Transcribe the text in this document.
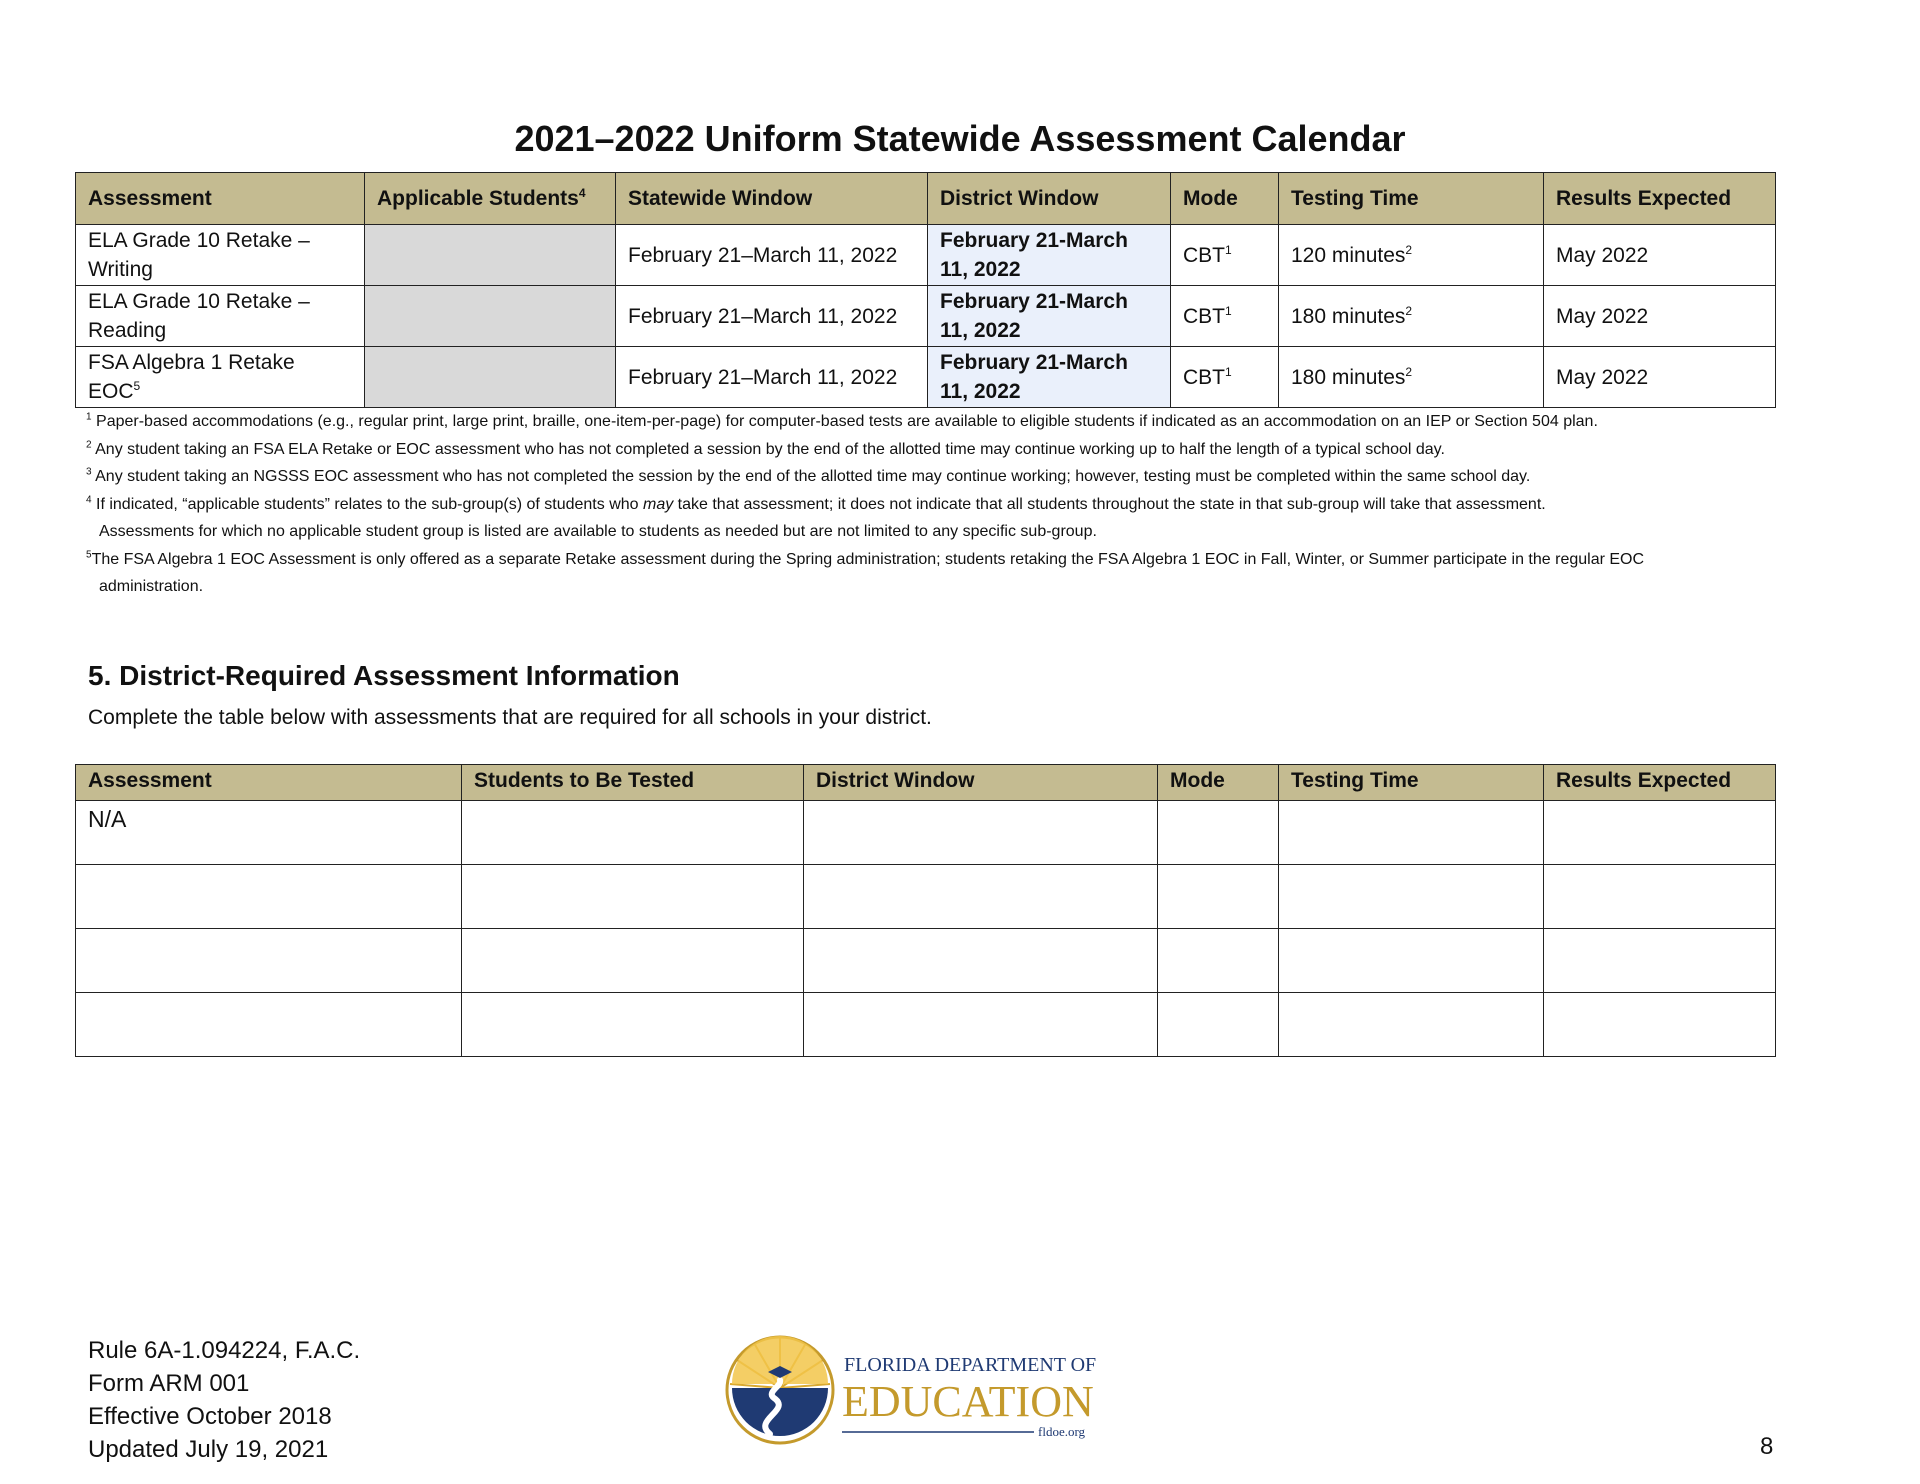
2021–2022 Uniform Statewide Assessment Calendar
Assessment	Applicable Students$^4$	Statewide Window	District Window	Mode	Testing Time	Results Expected
ELA Grade 10 Retake – Writing		February 21–March 11, 2022	February 21-March 11, 2022	CBT$^1$	120 minutes$^2$	May 2022
ELA Grade 10 Retake – Reading		February 21–March 11, 2022	February 21-March 11, 2022	CBT$^1$	180 minutes$^2$	May 2022
FSA Algebra 1 Retake EOC$^5$		February 21–March 11, 2022	February 21-March 11, 2022	CBT$^1$	180 minutes$^2$	May 2022

$^1$ Paper-based accommodations (e.g., regular print, large print, braille, one-item-per-page) for computer-based tests are available to eligible students if indicated as an accommodation on an IEP or Section 504 plan.

$^2$ Any student taking an FSA ELA Retake or EOC assessment who has not completed a session by the end of the allotted time may continue working up to half the length of a typical school day.

$^3$ Any student taking an NGSSS EOC assessment who has not completed the session by the end of the allotted time may continue working; however, testing must be completed within the same school day.

$^4$ If indicated, “applicable students” relates to the sub-group(s) of students who may take that assessment; it does not indicate that all students throughout the state in that sub-group will take that assessment.

Assessments for which no applicable student group is listed are available to students as needed but are not limited to any specific sub-group.

$^5$The FSA Algebra 1 EOC Assessment is only offered as a separate Retake assessment during the Spring administration; students retaking the FSA Algebra 1 EOC in Fall, Winter, or Summer participate in the regular EOC

administration.

5. District-Required Assessment Information

Complete the table below with assessments that are required for all schools in your district.

Assessment	Students to Be Tested	District Window	Mode	Testing Time	Results Expected
N/A					

Rule 6A-1.094224, F.A.C.
Form ARM 001
Effective October 2018
Updated July 19, 2021
FLORIDA DEPARTMENT OF
EDUCATION
fldoe.org
8
